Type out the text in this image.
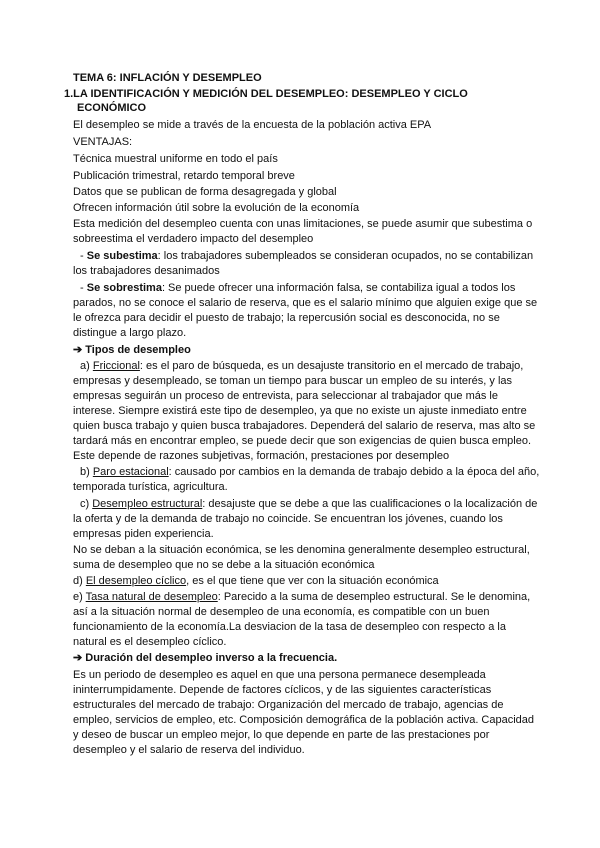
TEMA 6: INFLACIÓN Y DESEMPLEO
1.LA IDENTIFICACIÓN Y MEDICIÓN DEL DESEMPLEO: DESEMPLEO Y CICLO
ECONÓMICO
El desempleo se mide a través de la encuesta de la población activa EPA
VENTAJAS:
Técnica muestral uniforme en todo el país
Publicación trimestral, retardo temporal breve
Datos que se publican de forma desagregada y global
Ofrecen información útil sobre la evolución de la economía
Esta medición del desempleo cuenta con unas limitaciones, se puede asumir que subestima o
sobreestima el verdadero impacto del desempleo
- Se subestima: los trabajadores subempleados se consideran ocupados, no se contabilizan
los trabajadores desanimados
- Se sobrestima: Se puede ofrecer una información falsa, se contabiliza igual a todos los
parados, no se conoce el salario de reserva, que es el salario mínimo que alguien exige que se
le ofrezca para decidir el puesto de trabajo; la repercusión social es desconocida, no se
distingue a largo plazo.
➔ Tipos de desempleo
a) Friccional: es el paro de búsqueda, es un desajuste transitorio en el mercado de trabajo,
empresas y desempleado, se toman un tiempo para buscar un empleo de su interés, y las
empresas seguirán un proceso de entrevista, para seleccionar al trabajador que más le
interese. Siempre existirá este tipo de desempleo, ya que no existe un ajuste inmediato entre
quien busca trabajo y quien busca trabajadores. Dependerá del salario de reserva, mas alto se
tardará más en encontrar empleo, se puede decir que son exigencias de quien busca empleo.
Este depende de razones subjetivas, formación, prestaciones por desempleo
b) Paro estacional: causado por cambios en la demanda de trabajo debido a la época del año,
temporada turística, agricultura.
c) Desempleo estructural: desajuste que se debe a que las cualificaciones o la localización de
la oferta y de la demanda de trabajo no coincide. Se encuentran los jóvenes, cuando los
empresas piden experiencia.
No se deban a la situación económica, se les denomina generalmente desempleo estructural,
suma de desempleo que no se debe a la situación económica
d) El desempleo cíclico, es el que tiene que ver con la situación económica
e) Tasa natural de desempleo: Parecido a la suma de desempleo estructural. Se le denomina,
así a la situación normal de desempleo de una economía, es compatible con un buen
funcionamiento de la economía.La desviacion de la tasa de desempleo con respecto a la
natural es el desempleo cíclico.
➔ Duración del desempleo inverso a la frecuencia.
Es un periodo de desempleo es aquel en que una persona permanece desempleada
ininterrumpidamente. Depende de factores cíclicos, y de las siguientes características
estructurales del mercado de trabajo: Organización del mercado de trabajo, agencias de
empleo, servicios de empleo, etc. Composición demográfica de la población activa. Capacidad
y deseo de buscar un empleo mejor, lo que depende en parte de las prestaciones por
desempleo y el salario de reserva del individuo.
